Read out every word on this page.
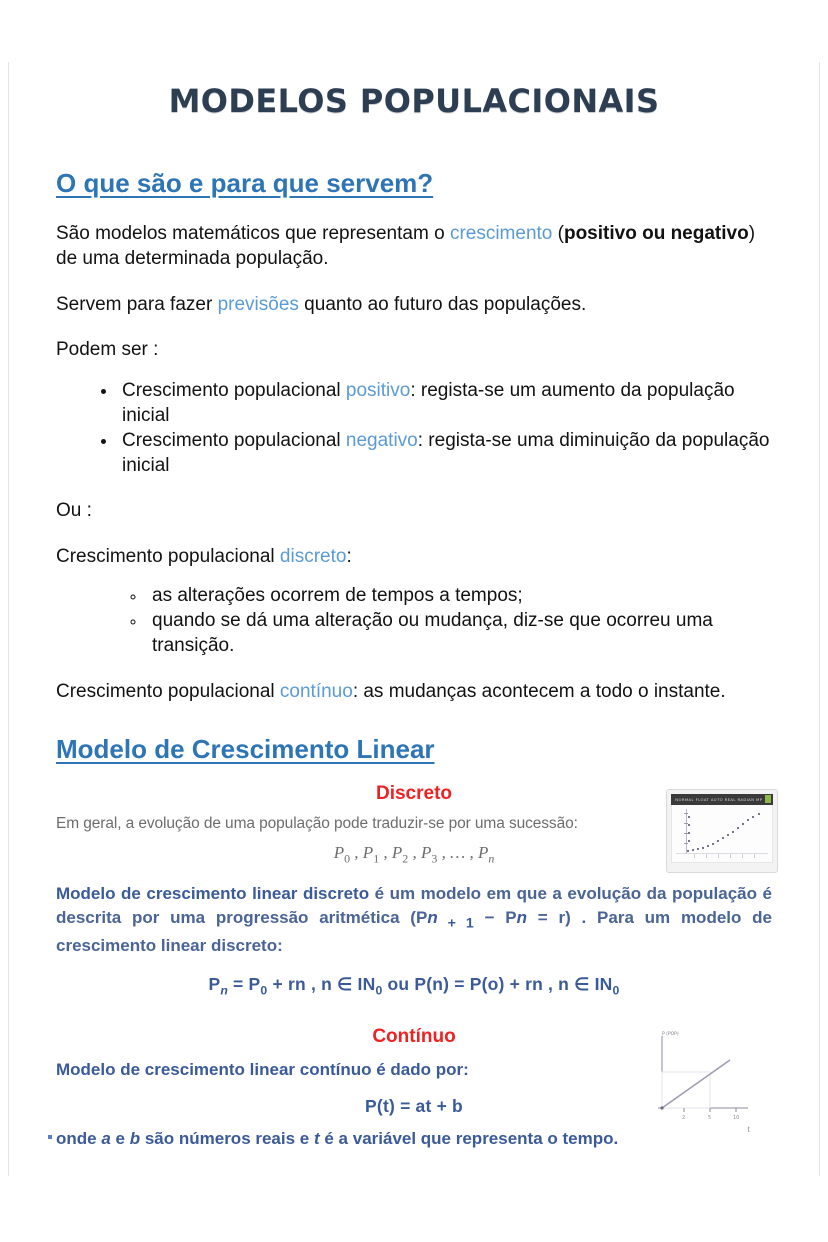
MODELOS POPULACIONAIS
O que são e para que servem?

São modelos matemáticos que representam o crescimento (positivo ou negativo) de uma determinada população.

Servem para fazer previsões quanto ao futuro das populações.

Podem ser :

• Crescimento populacional positivo: regista-se um aumento da população inicial
• Crescimento populacional negativo: regista-se uma diminuição da população inicial

Ou :

Crescimento populacional discreto:

◦ as alterações ocorrem de tempos a tempos;
◦ quando se dá uma alteração ou mudança, diz-se que ocorreu uma transição.

Crescimento populacional contínuo: as mudanças acontecem a todo o instante.

Modelo de Crescimento Linear
NORMAL FLOAT AUTO REAL RADIAN MP

Discreto

Em geral, a evolução de uma população pode traduzir-se por uma sucessão:

$P_0$ , $P_1$ , $P_2$ , $P_3$ , … , $P_n$

Modelo de crescimento linear discreto é um modelo em que a evolução da população é descrita por uma progressão aritmética (Pn $_{+ 1}$ − Pn = r) . Para um modelo de crescimento linear discreto:

$P_n = P_0$ + rn , n ∈ $IN_0$ ou P(n) = P(o) + rn , n ∈ $IN_0$

P (POP)
2	5	10
t

Contínuo

Modelo de crescimento linear contínuo é dado por:

P(t) = at + b

onde a e b são números reais e t é a variável que representa o tempo.
